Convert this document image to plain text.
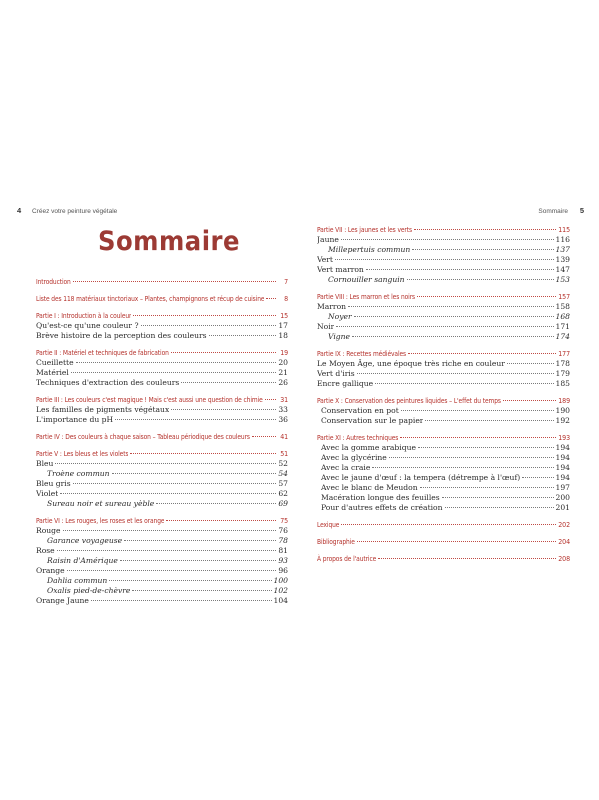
4 Créez votre peinture végétale	Sommaire 5
Sommaire
Introduction	7
Liste des 118 matériaux tinctoriaux – Plantes, champignons et récup de cuisine	8
Partie I : Introduction à la couleur	15
Qu'est-ce qu'une couleur ?	17
Brève histoire de la perception des couleurs	18
Partie II : Matériel et techniques de fabrication	19
Cueillette	20
Matériel	21
Techniques d'extraction des couleurs	26
Partie III : Les couleurs c'est magique ! Mais c'est aussi une question de chimie	31
Les familles de pigments végétaux	33
L'importance du pH	36
Partie IV : Des couleurs à chaque saison – Tableau périodique des couleurs	41
Partie V : Les bleus et les violets	51
Bleu	52
Troène commun	54
Bleu gris	57
Violet	62
Sureau noir et sureau yèble	69
Partie VI : Les rouges, les roses et les orange	75
Rouge	76
Garance voyageuse	78
Rose	81
Raisin d'Amérique	93
Orange	96
Dahlia commun	100
Oxalis pied-de-chèvre	102
Orange Jaune	104
Partie VII : Les jaunes et les verts	115
Jaune	116
Millepertuis commun	137
Vert	139
Vert marron	147
Cornouiller sanguin	153
Partie VIII : Les marron et les noirs	157
Marron	158
Noyer	168
Noir	171
Vigne	174
Partie IX : Recettes médiévales	177
Le Moyen Âge, une époque très riche en couleur	178
Vert d'iris	179
Encre gallique	185
Partie X : Conservation des peintures liquides – L'effet du temps	189
Conservation en pot	190
Conservation sur le papier	192
Partie XI : Autres techniques	193
Avec la gomme arabique	194
Avec la glycérine	194
Avec la craie	194
Avec le jaune d'œuf : la tempera (détrempe à l'œuf)	194
Avec le blanc de Meudon	197
Macération longue des feuilles	200
Pour d'autres effets de création	201
Lexique	202
Bibliographie	204
À propos de l'autrice	208
